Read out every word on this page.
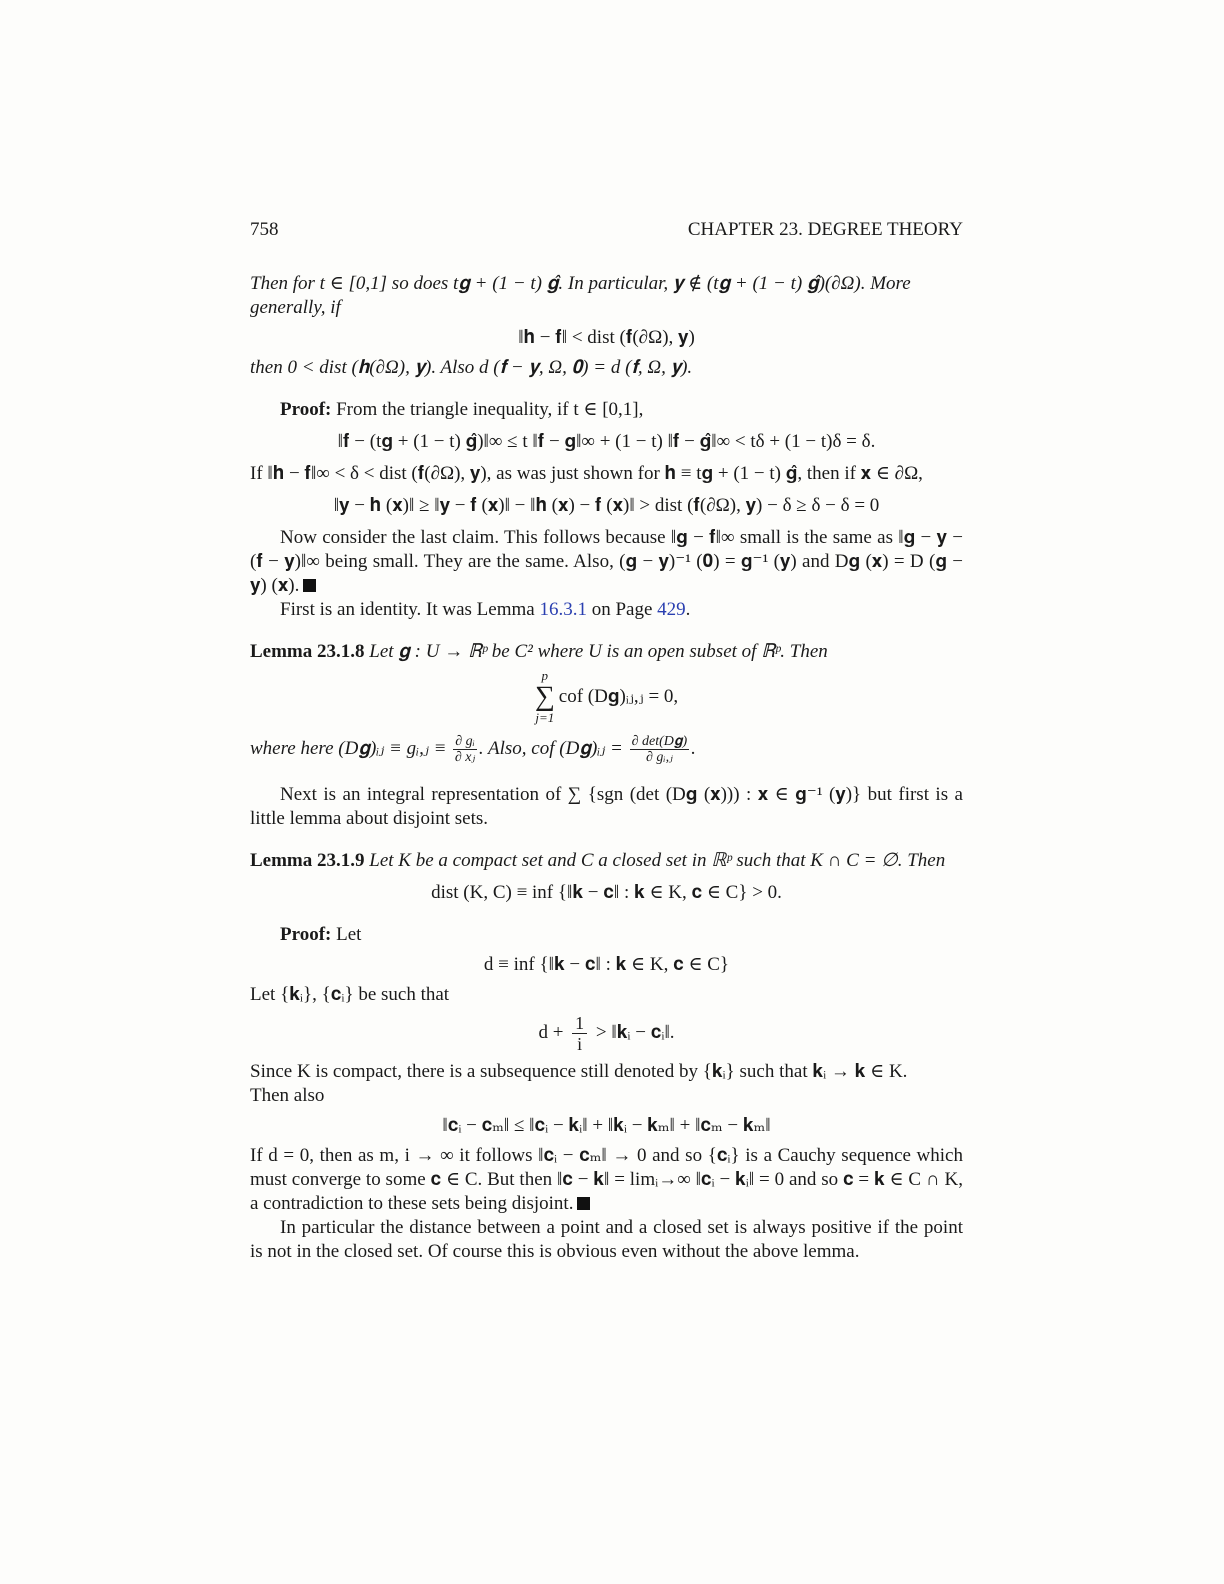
758	CHAPTER 23. DEGREE THEORY

Then for t ∈ [0,1] so does t𝐠 + (1 − t) 𝐠̂. In particular, 𝐲 ∉ (t𝐠 + (1 − t) 𝐠̂)(∂Ω). More
generally, if

‖𝐡 − 𝐟‖ < dist (𝐟(∂Ω), 𝐲)

then 0 < dist (𝐡(∂Ω), 𝐲). Also d (𝐟 − 𝐲, Ω, 𝟎) = d (𝐟, Ω, 𝐲).

Proof: From the triangle inequality, if t ∈ [0,1],

‖𝐟 − (t𝐠 + (1 − t) 𝐠̂)‖∞ ≤ t ‖𝐟 − 𝐠‖∞ + (1 − t) ‖𝐟 − 𝐠̂‖∞ < tδ + (1 − t)δ = δ.

If ‖𝐡 − 𝐟‖∞ < δ < dist (𝐟(∂Ω), 𝐲), as was just shown for 𝐡 ≡ t𝐠 + (1 − t) 𝐠̂, then if 𝐱 ∈ ∂Ω,

‖𝐲 − 𝐡 (𝐱)‖ ≥ ‖𝐲 − 𝐟 (𝐱)‖ − ‖𝐡 (𝐱) − 𝐟 (𝐱)‖ > dist (𝐟(∂Ω), 𝐲) − δ ≥ δ − δ = 0

Now consider the last claim. This follows because ‖𝐠 − 𝐟‖∞ small is the same as ‖𝐠 − 𝐲 − (𝐟 − 𝐲)‖∞ being small. They are the same. Also, (𝐠 − 𝐲)⁻¹ (𝟎) = 𝐠⁻¹ (𝐲) and D𝐠 (𝐱) = D (𝐠 − 𝐲) (𝐱).

First is an identity. It was Lemma 16.3.1 on Page 429.

Lemma 23.1.8 Let 𝐠 : U → ℝᵖ be C² where U is an open subset of ℝᵖ. Then

p
∑
j=1
cof (D𝐠)ᵢⱼ,ⱼ = 0,

where here (D𝐠)ᵢⱼ ≡ gᵢ,ⱼ ≡ $\frac{\text{∂ gᵢ}}{\text{∂ xⱼ}}$ . Also, cof (D𝐠)ᵢⱼ = $\frac{\text{∂ det(D𝐠)}}{\text{∂ gᵢ,ⱼ}}$ .

Next is an integral representation of ∑ {sgn (det (D𝐠 (𝐱))) : 𝐱 ∈ 𝐠⁻¹ (𝐲)} but first is a little lemma about disjoint sets.

Lemma 23.1.9 Let K be a compact set and C a closed set in ℝᵖ such that K ∩ C = ∅. Then

dist (K, C) ≡ inf {‖𝐤 − 𝐜‖ : 𝐤 ∈ K, 𝐜 ∈ C} > 0.

Proof: Let

d ≡ inf {‖𝐤 − 𝐜‖ : 𝐤 ∈ K, 𝐜 ∈ C}

Let {𝐤ᵢ}, {𝐜ᵢ} be such that

$d + \frac{1}{i}$ > ‖𝐤ᵢ − 𝐜ᵢ‖.

Since K is compact, there is a subsequence still denoted by {𝐤ᵢ} such that 𝐤ᵢ → 𝐤 ∈ K.

Then also

‖𝐜ᵢ − 𝐜ₘ‖ ≤ ‖𝐜ᵢ − 𝐤ᵢ‖ + ‖𝐤ᵢ − 𝐤ₘ‖ + ‖𝐜ₘ − 𝐤ₘ‖

If d = 0, then as m, i → ∞ it follows ‖𝐜ᵢ − 𝐜ₘ‖ → 0 and so {𝐜ᵢ} is a Cauchy sequence which must converge to some 𝐜 ∈ C. But then ‖𝐜 − 𝐤‖ = limᵢ→∞ ‖𝐜ᵢ − 𝐤ᵢ‖ = 0 and so 𝐜 = 𝐤 ∈ C ∩ K, a contradiction to these sets being disjoint.

In particular the distance between a point and a closed set is always positive if the point is not in the closed set. Of course this is obvious even without the above lemma.
